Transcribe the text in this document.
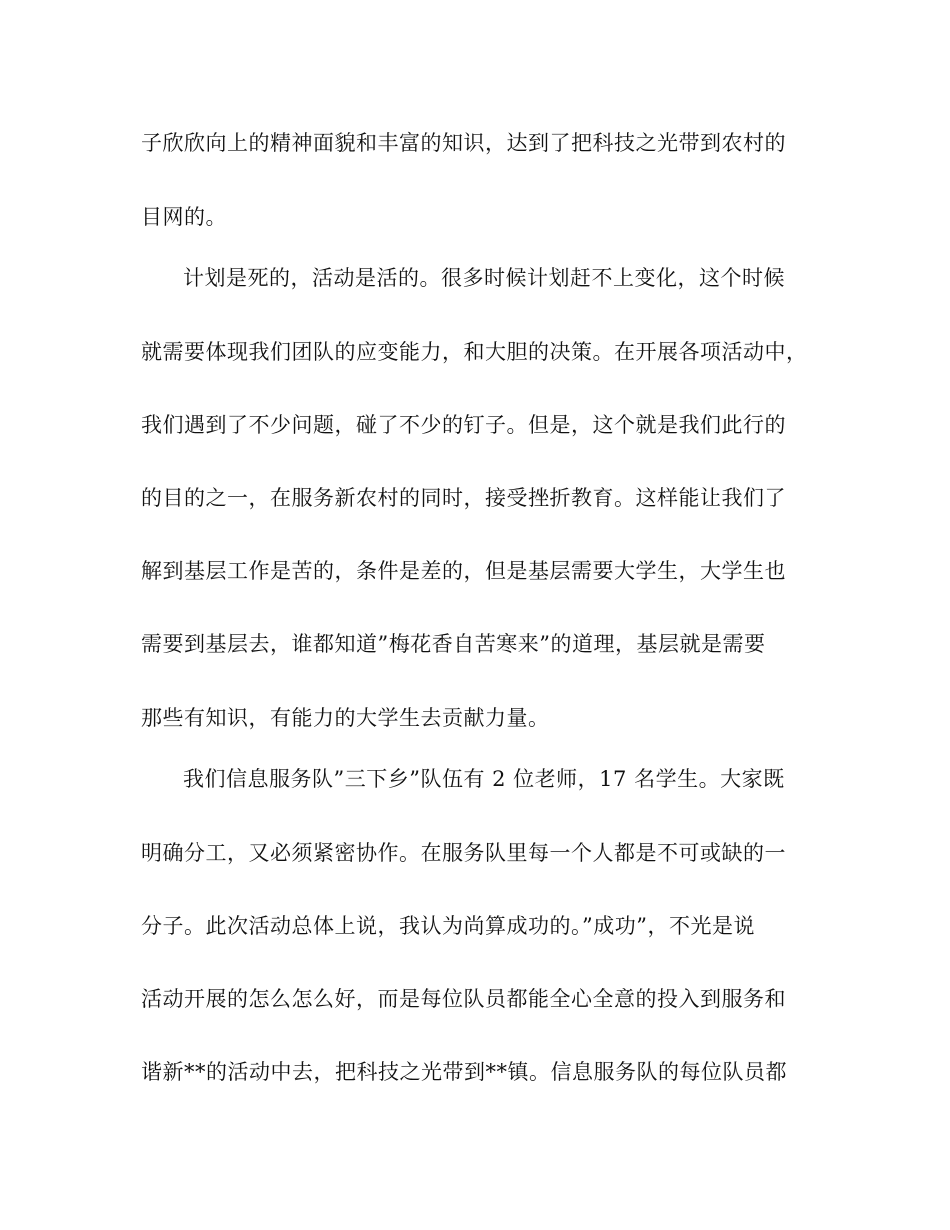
子欣欣向上的精神面貌和丰富的知识，达到了把科技之光带到农村的
目网的。
计划是死的，活动是活的。很多时候计划赶不上变化，这个时候
就需要体现我们团队的应变能力，和大胆的决策。在开展各项活动中，
我们遇到了不少问题，碰了不少的钉子。但是，这个就是我们此行的
的目的之一，在服务新农村的同时，接受挫折教育。这样能让我们了
解到基层工作是苦的，条件是差的，但是基层需要大学生，大学生也
需要到基层去，谁都知道”梅花香自苦寒来”的道理，基层就是需要
那些有知识，有能力的大学生去贡献力量。
我们信息服务队”三下乡”队伍有 2 位老师，17 名学生。大家既
明确分工，又必须紧密协作。在服务队里每一个人都是不可或缺的一
分子。此次活动总体上说，我认为尚算成功的。”成功”，不光是说
活动开展的怎么怎么好，而是每位队员都能全心全意的投入到服务和
谐新**的活动中去，把科技之光带到**镇。信息服务队的每位队员都
